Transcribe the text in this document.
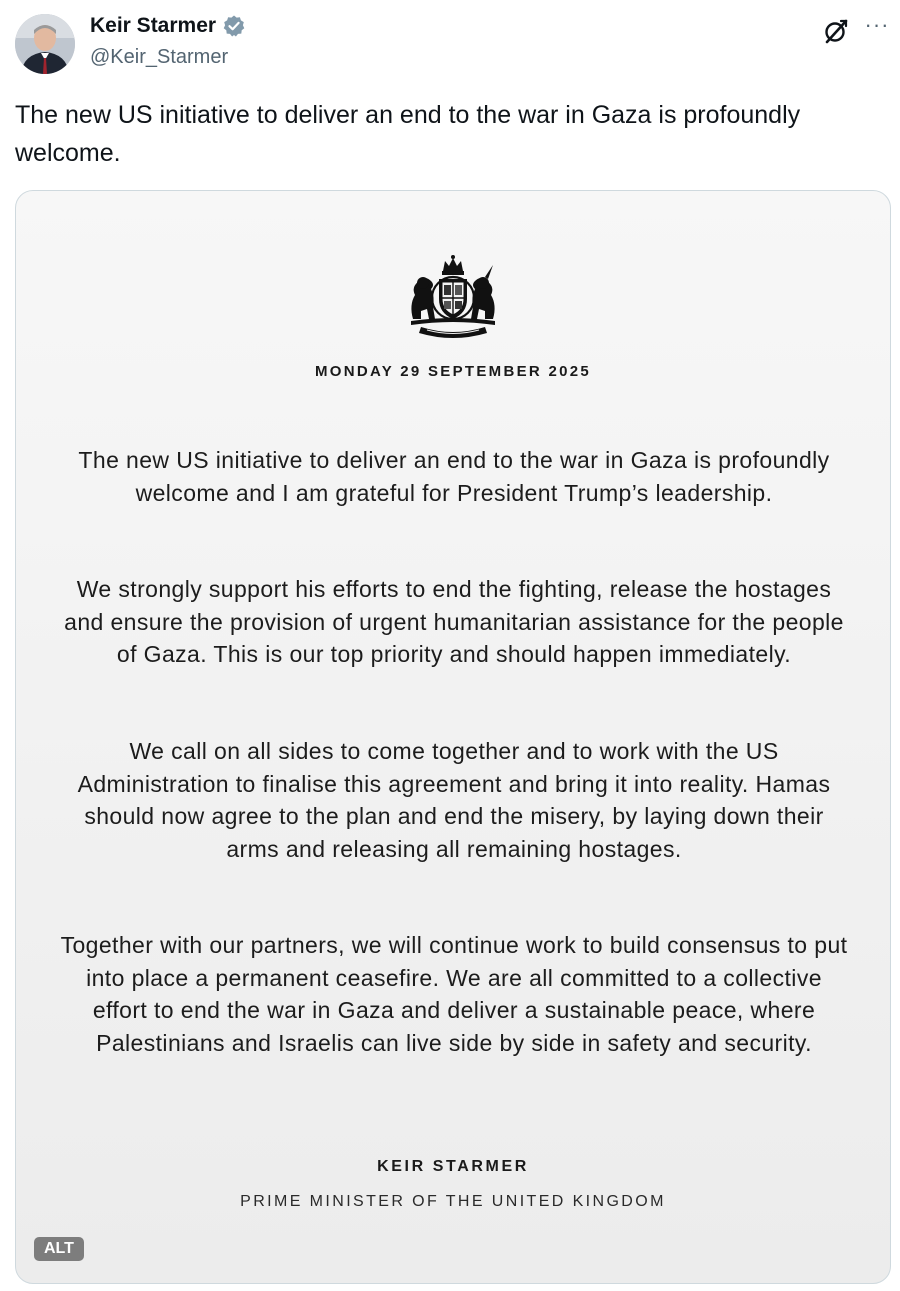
Keir Starmer
@Keir_Starmer
···
The new US initiative to deliver an end to the war in Gaza is profoundly welcome.
MONDAY 29 SEPTEMBER 2025

The new US initiative to deliver an end to the war in Gaza is profoundly welcome and I am grateful for President Trump’s leadership.

We strongly support his efforts to end the fighting, release the hostages and ensure the provision of urgent humanitarian assistance for the people of Gaza. This is our top priority and should happen immediately.

We call on all sides to come together and to work with the US Administration to finalise this agreement and bring it into reality. Hamas should now agree to the plan and end the misery, by laying down their arms and releasing all remaining hostages.

Together with our partners, we will continue work to build consensus to put into place a permanent ceasefire. We are all committed to a collective effort to end the war in Gaza and deliver a sustainable peace, where Palestinians and Israelis can live side by side in safety and security.

KEIR STARMER
PRIME MINISTER OF THE UNITED KINGDOM
ALT
